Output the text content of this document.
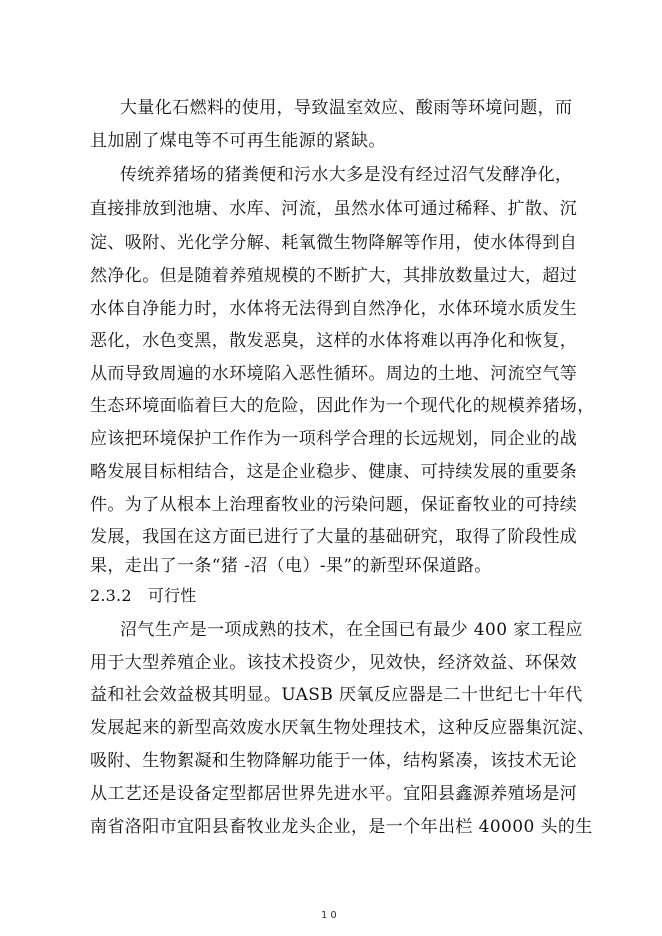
大量化石燃料的使用，导致温室效应、酸雨等环境问题，而
且加剧了煤电等不可再生能源的紧缺。
传统养猪场的猪粪便和污水大多是没有经过沼气发酵净化，
直接排放到池塘、水库、河流，虽然水体可通过稀释、扩散、沉
淀、吸附、光化学分解、耗氧微生物降解等作用，使水体得到自
然净化。但是随着养殖规模的不断扩大，其排放数量过大，超过
水体自净能力时，水体将无法得到自然净化，水体环境水质发生
恶化，水色变黑，散发恶臭，这样的水体将难以再净化和恢复，
从而导致周遍的水环境陷入恶性循环。周边的土地、河流空气等
生态环境面临着巨大的危险，因此作为一个现代化的规模养猪场，
应该把环境保护工作作为一项科学合理的长远规划，同企业的战
略发展目标相结合，这是企业稳步、健康、可持续发展的重要条
件。为了从根本上治理畜牧业的污染问题，保证畜牧业的可持续
发展，我国在这方面已进行了大量的基础研究，取得了阶段性成
果，走出了一条“猪 -沼（电）-果”的新型环保道路。
2.3.2　可行性
沼气生产是一项成熟的技术，在全国已有最少 400 家工程应
用于大型养殖企业。该技术投资少，见效快，经济效益、环保效
益和社会效益极其明显。UASB 厌氧反应器是二十世纪七十年代
发展起来的新型高效废水厌氧生物处理技术，这种反应器集沉淀、
吸附、生物絮凝和生物降解功能于一体，结构紧凑，该技术无论
从工艺还是设备定型都居世界先进水平。宜阳县鑫源养殖场是河
南省洛阳市宜阳县畜牧业龙头企业，是一个年出栏 40000 头的生
10
